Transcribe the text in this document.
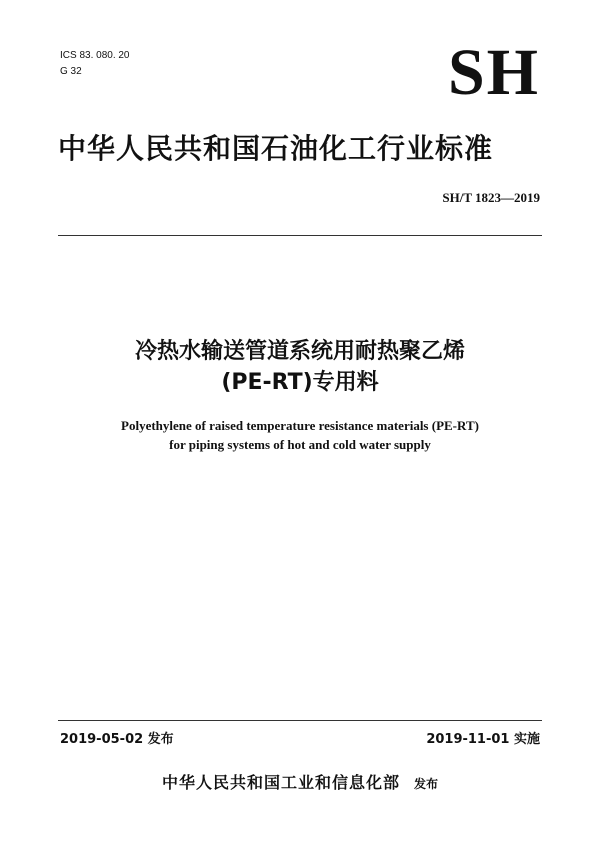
ICS 83. 080. 20
G 32	SH
中华人民共和国石油化工行业标准
SH/T 1823—2019
冷热水输送管道系统用耐热聚乙烯
(PE-RT)专用料
Polyethylene of raised temperature resistance materials (PE-RT)
for piping systems of hot and cold water supply
2019-05-02 发布	2019-11-01 实施
中华人民共和国工业和信息化部 发布
